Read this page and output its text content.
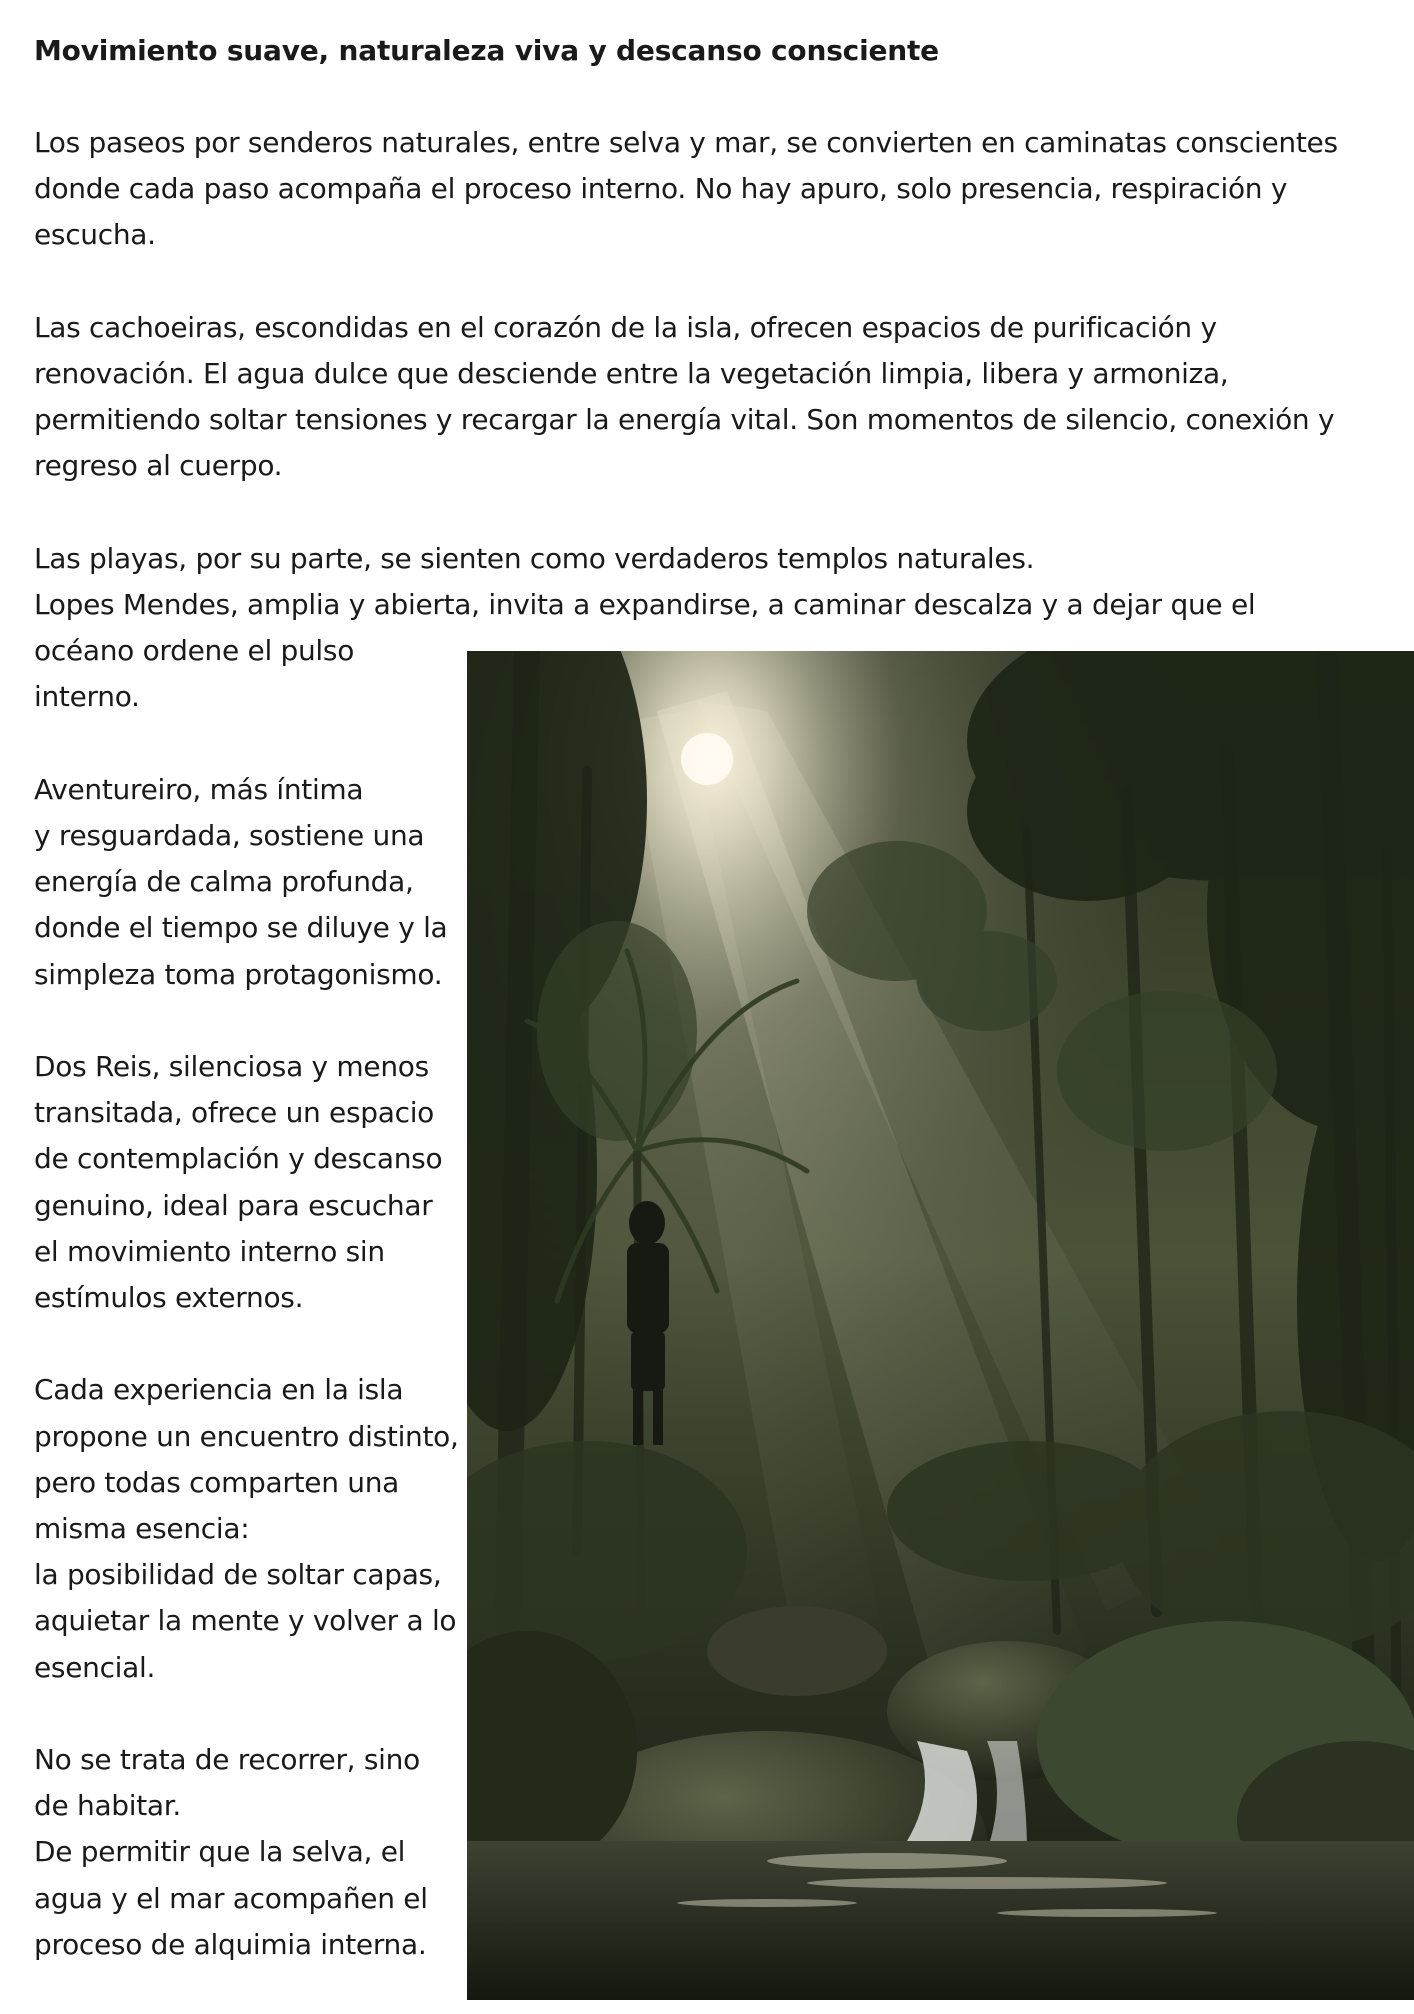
Movimiento suave, naturaleza viva y descanso consciente
Los paseos por senderos naturales, entre selva y mar, se convierten en caminatas conscientes
donde cada paso acompaña el proceso interno. No hay apuro, solo presencia, respiración y
escucha.
Las cachoeiras, escondidas en el corazón de la isla, ofrecen espacios de purificación y
renovación. El agua dulce que desciende entre la vegetación limpia, libera y armoniza,
permitiendo soltar tensiones y recargar la energía vital. Son momentos de silencio, conexión y
regreso al cuerpo.
Las playas, por su parte, se sienten como verdaderos templos naturales.
Lopes Mendes, amplia y abierta, invita a expandirse, a caminar descalza y a dejar que el
océano ordene el pulso
interno.
Aventureiro, más íntima
y resguardada, sostiene una
energía de calma profunda,
donde el tiempo se diluye y la
simpleza toma protagonismo.
Dos Reis, silenciosa y menos
transitada, ofrece un espacio
de contemplación y descanso
genuino, ideal para escuchar
el movimiento interno sin
estímulos externos.
Cada experiencia en la isla
propone un encuentro distinto,
pero todas comparten una
misma esencia:
la posibilidad de soltar capas,
aquietar la mente y volver a lo
esencial.
No se trata de recorrer, sino
de habitar.
De permitir que la selva, el
agua y el mar acompañen el
proceso de alquimia interna.
